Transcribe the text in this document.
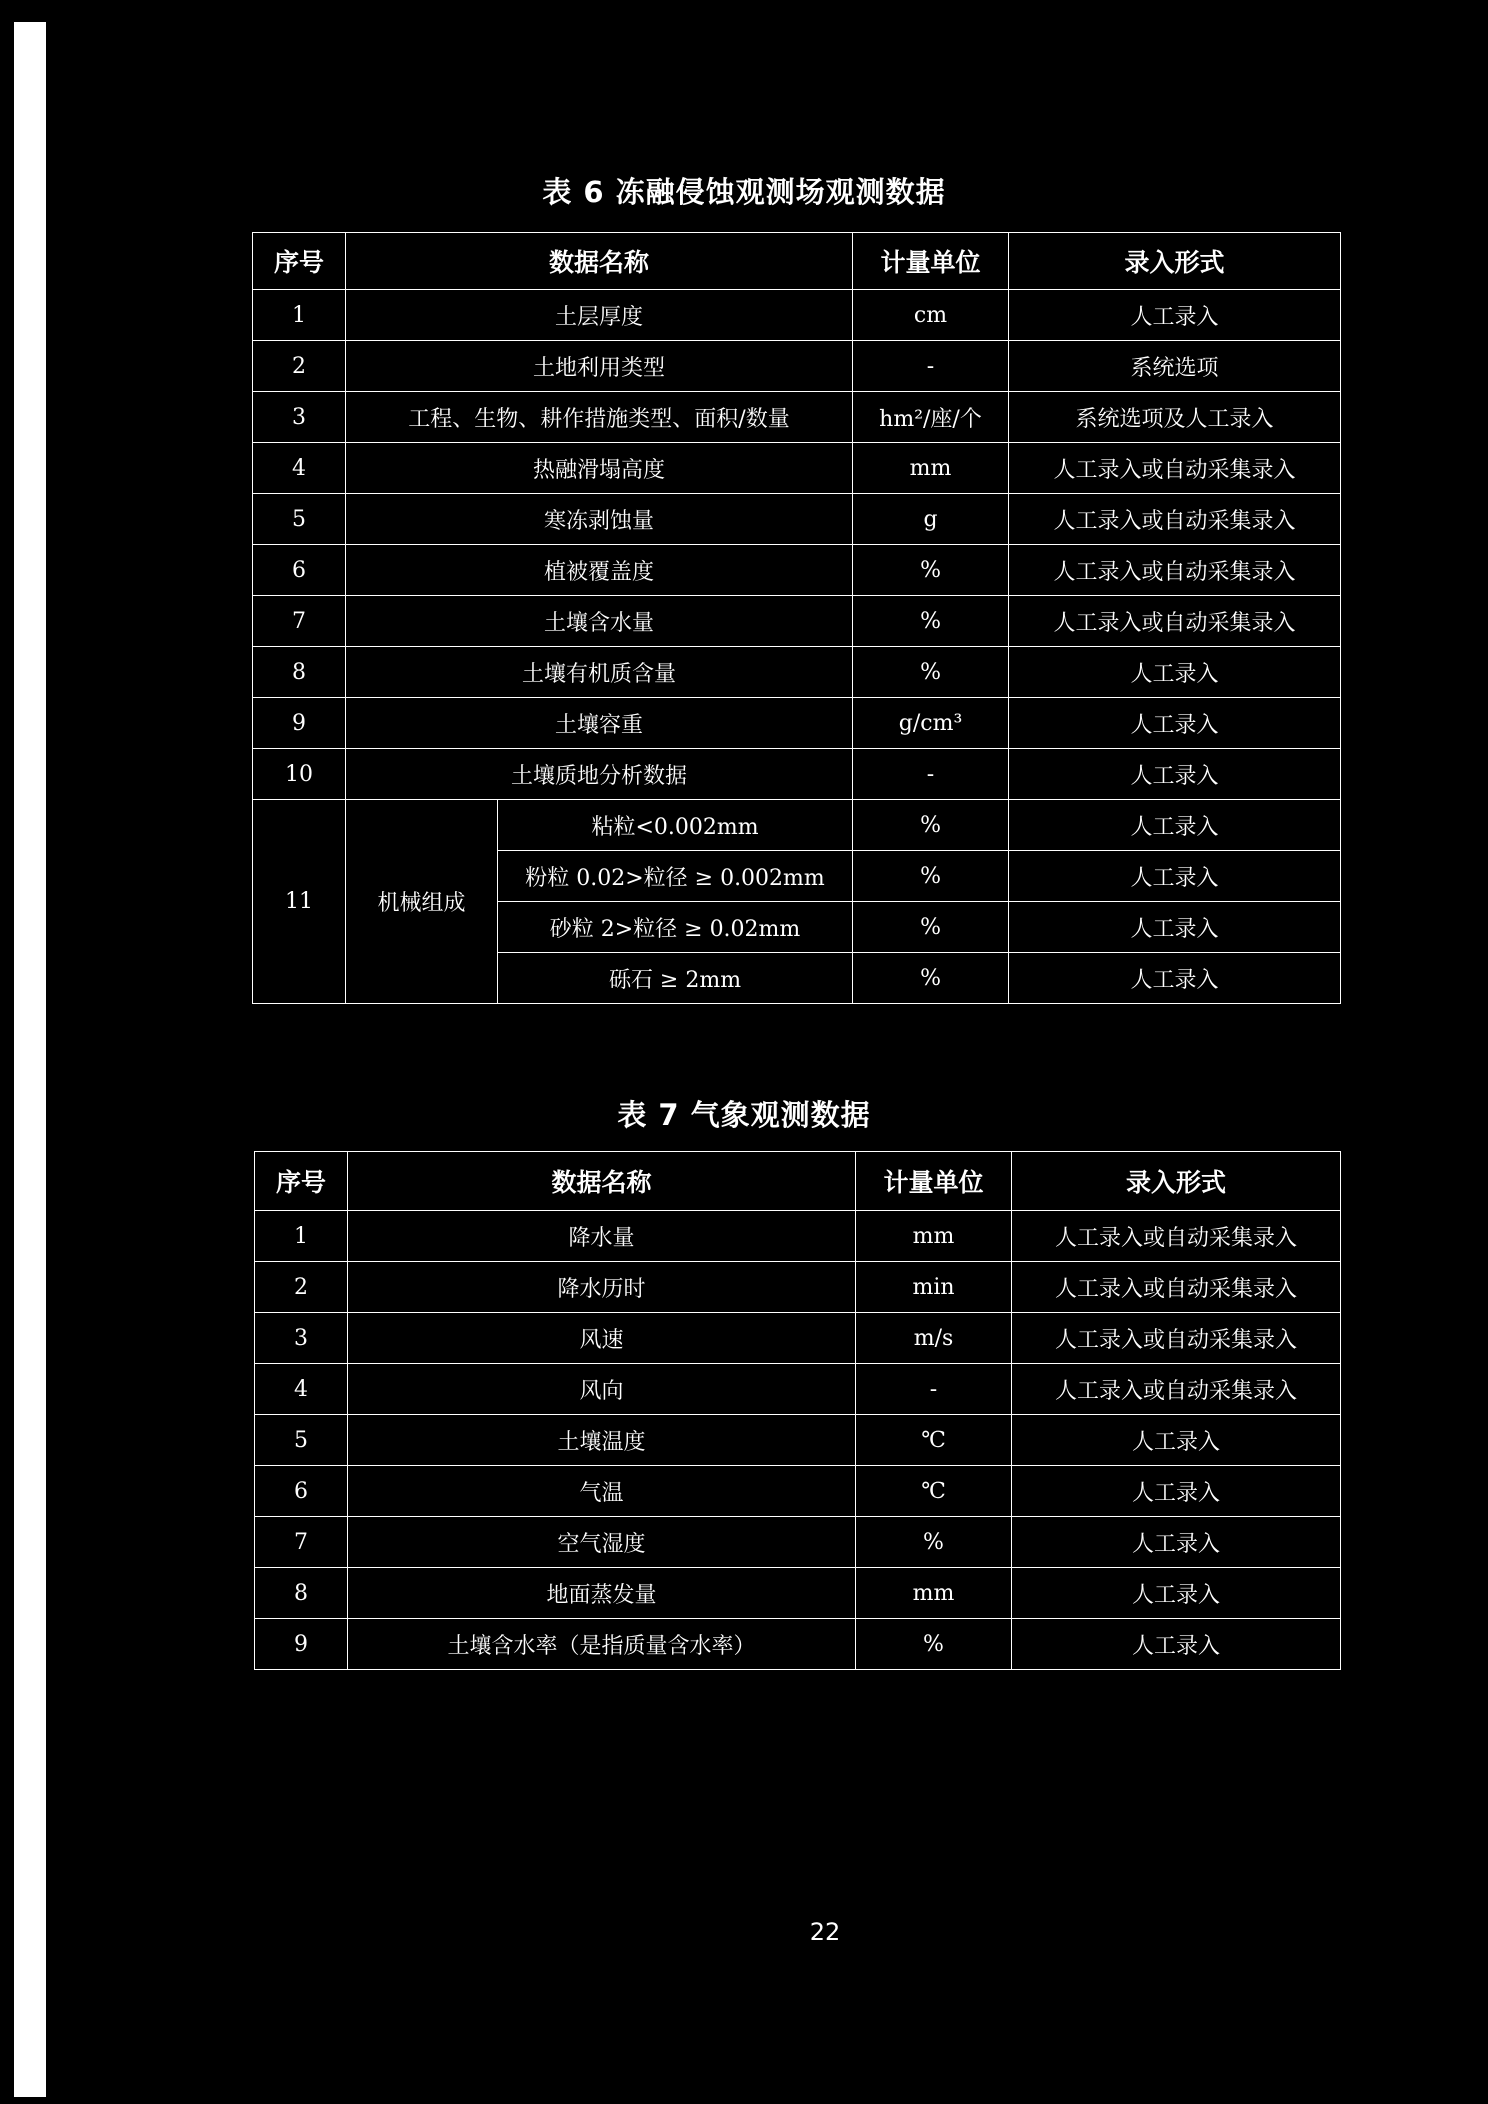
表 6 冻融侵蚀观测场观测数据
序号	数据名称		计量单位	录入形式
1	土层厚度		cm	人工录入
2	土地利用类型		-	系统选项
3	工程、生物、耕作措施类型、面积/数量		hm²/座/个	系统选项及人工录入
4	热融滑塌高度		mm	人工录入或自动采集录入
5	寒冻剥蚀量		g	人工录入或自动采集录入
6	植被覆盖度		%	人工录入或自动采集录入
7	土壤含水量		%	人工录入或自动采集录入
8	土壤有机质含量		%	人工录入
9	土壤容重		g/cm³	人工录入
10	土壤质地分析数据		-	人工录入
11	机械组成	粘粒<0.002mm	%	人工录入
		粉粒 0.02>粒径 ≥ 0.002mm	%	人工录入
		砂粒 2>粒径 ≥ 0.02mm	%	人工录入
		砾石 ≥ 2mm	%	人工录入
表 7 气象观测数据
序号	数据名称	计量单位	录入形式
1	降水量	mm	人工录入或自动采集录入
2	降水历时	min	人工录入或自动采集录入
3	风速	m/s	人工录入或自动采集录入
4	风向	-	人工录入或自动采集录入
5	土壤温度	℃	人工录入
6	气温	℃	人工录入
7	空气湿度	%	人工录入
8	地面蒸发量	mm	人工录入
9	土壤含水率（是指质量含水率）	%	人工录入
22
